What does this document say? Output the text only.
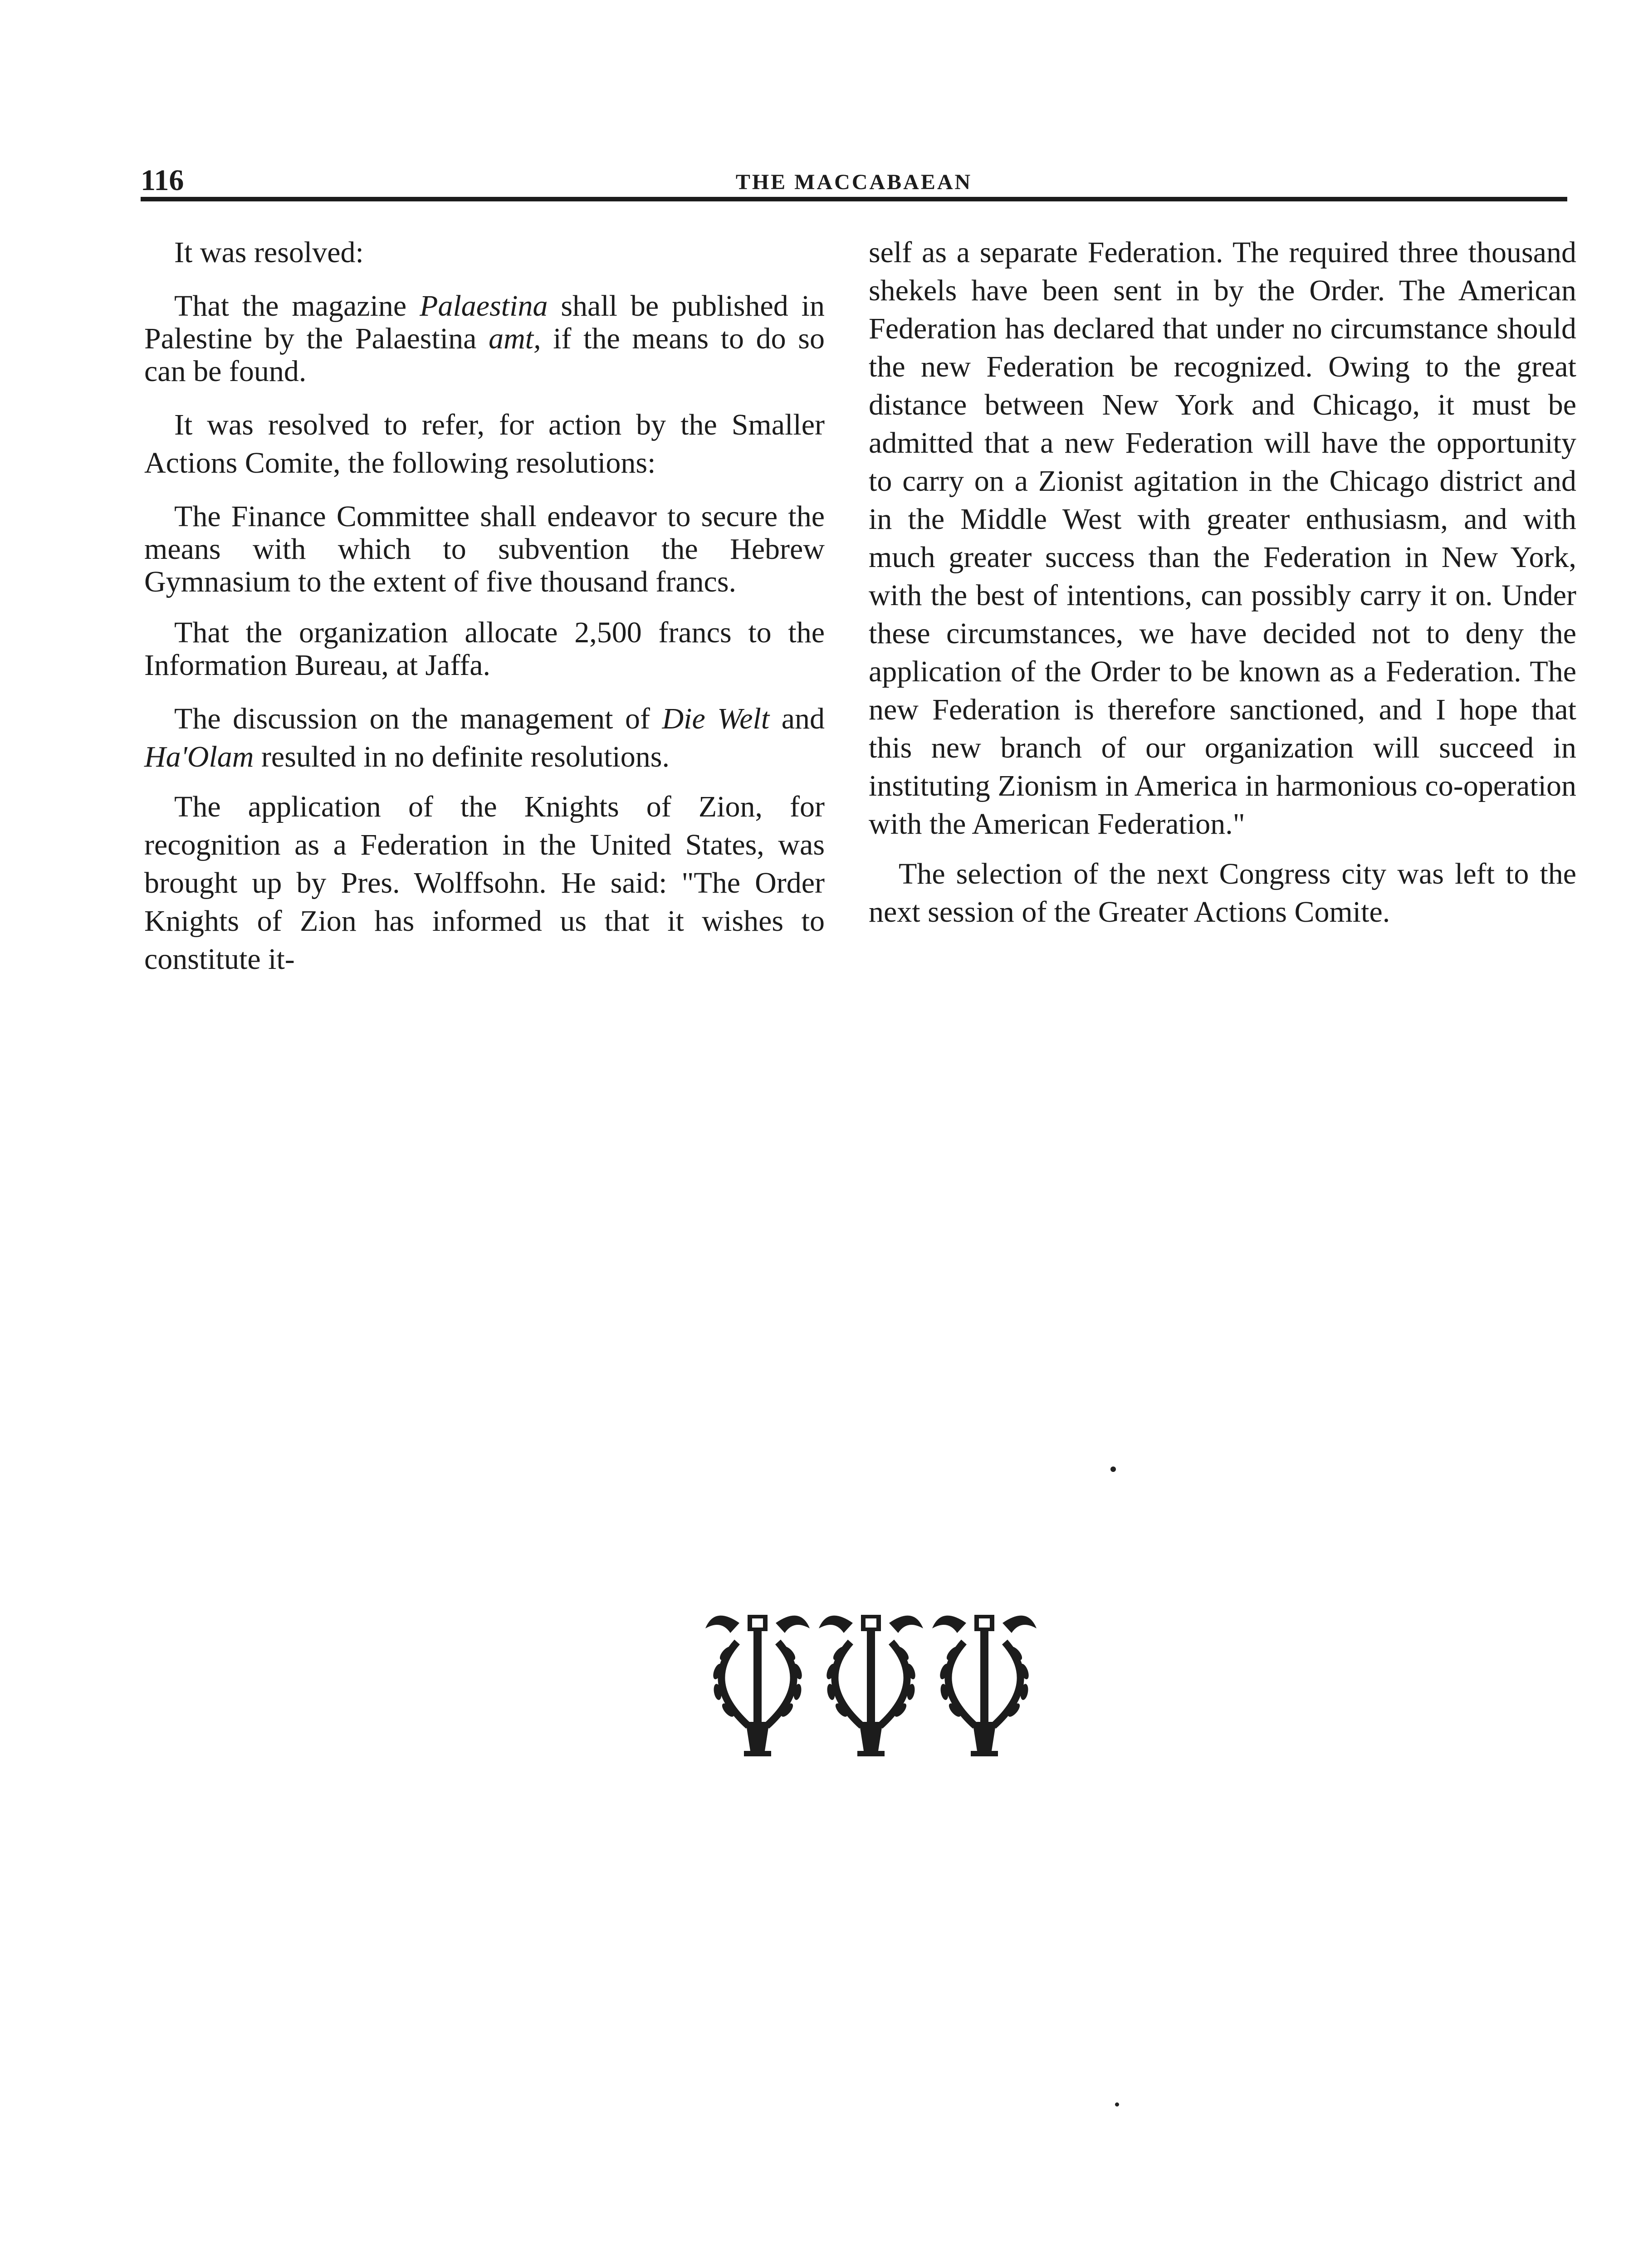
116	THE MACCABAEAN

It was resolved:

That the magazine Palaestina shall be published in Palestine by the Palaestina amt, if the means to do so can be found.

It was resolved to refer, for action by the Smaller Actions Comite, the following resolutions:

The Finance Committee shall endeavor to secure the means with which to subvention the Hebrew Gymnasium to the extent of five thousand francs.

That the organization allocate 2,500 francs to the Information Bureau, at Jaffa.

The discussion on the management of Die Welt and Ha'Olam resulted in no definite resolutions.

The application of the Knights of Zion, for recognition as a Federation in the United States, was brought up by Pres. Wolffsohn. He said: "The Order Knights of Zion has informed us that it wishes to constitute it-

self as a separate Federation. The required three thousand shekels have been sent in by the Order. The American Federation has declared that under no circumstance should the new Federation be recognized. Owing to the great distance between New York and Chicago, it must be admitted that a new Federation will have the opportunity to carry on a Zionist agitation in the Chicago district and in the Middle West with greater enthusiasm, and with much greater success than the Federation in New York, with the best of intentions, can possibly carry it on. Under these circumstances, we have decided not to deny the application of the Order to be known as a Federation. The new Federation is therefore sanctioned, and I hope that this new branch of our organization will succeed in instituting Zionism in America in harmonious co-operation with the American Federation."

The selection of the next Congress city was left to the next session of the Greater Actions Comite.
